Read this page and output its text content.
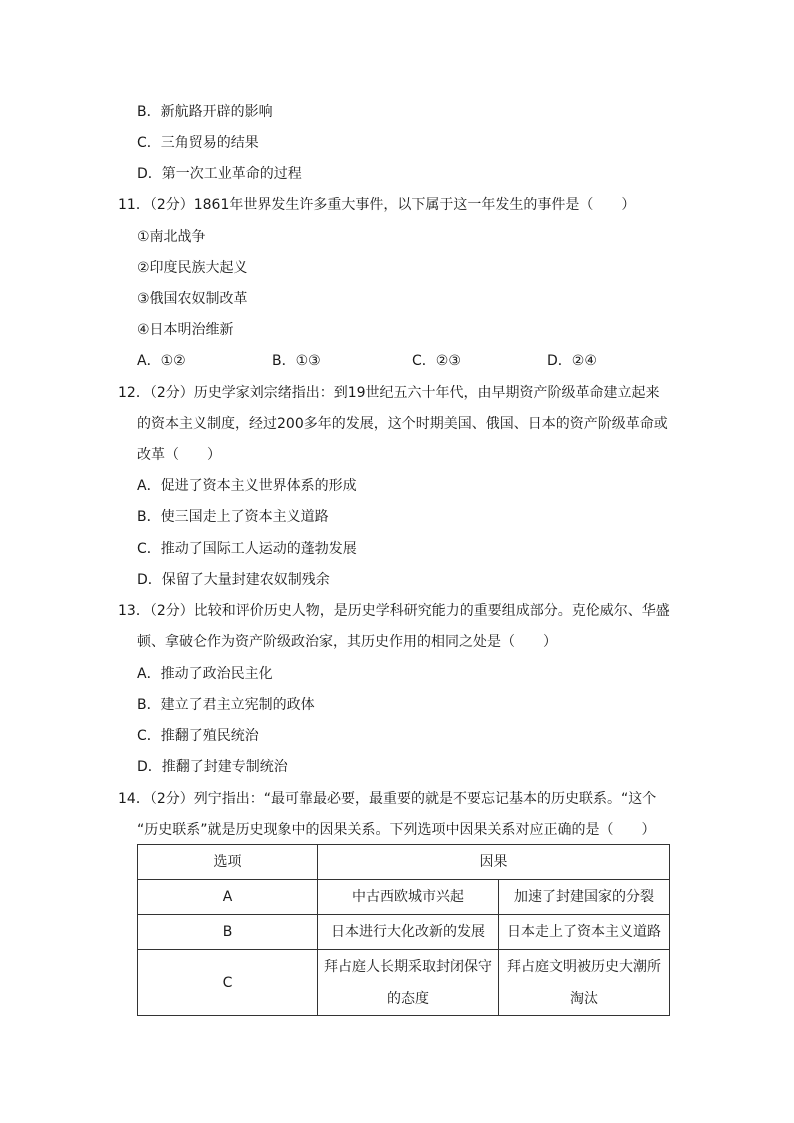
B．新航路开辟的影响
C．三角贸易的结果
D．第一次工业革命的过程
11．（2分）1861年世界发生许多重大事件，以下属于这一年发生的事件是（　　）
①南北战争
②印度民族大起义
③俄国农奴制改革
④日本明治维新
A．①②	B．①③	C．②③	D．②④
12．（2分）历史学家刘宗绪指出：到19世纪五六十年代，由早期资产阶级革命建立起来
的资本主义制度，经过200多年的发展，这个时期美国、俄国、日本的资产阶级革命或
改革（　　）
A．促进了资本主义世界体系的形成
B．使三国走上了资本主义道路
C．推动了国际工人运动的蓬勃发展
D．保留了大量封建农奴制残余
13．（2分）比较和评价历史人物，是历史学科研究能力的重要组成部分。克伦威尔、华盛
顿、拿破仑作为资产阶级政治家，其历史作用的相同之处是（　　）
A．推动了政治民主化
B．建立了君主立宪制的政体
C．推翻了殖民统治
D．推翻了封建专制统治
14．（2分）列宁指出：“最可靠最必要，最重要的就是不要忘记基本的历史联系。“这个
“历史联系”就是历史现象中的因果关系。下列选项中因果关系对应正确的是（　　）
选项	因果	
A	中古西欧城市兴起	加速了封建国家的分裂
B	日本进行大化改新的发展	日本走上了资本主义道路
C	拜占庭人长期采取封闭保守的态度	拜占庭文明被历史大潮所淘汰
